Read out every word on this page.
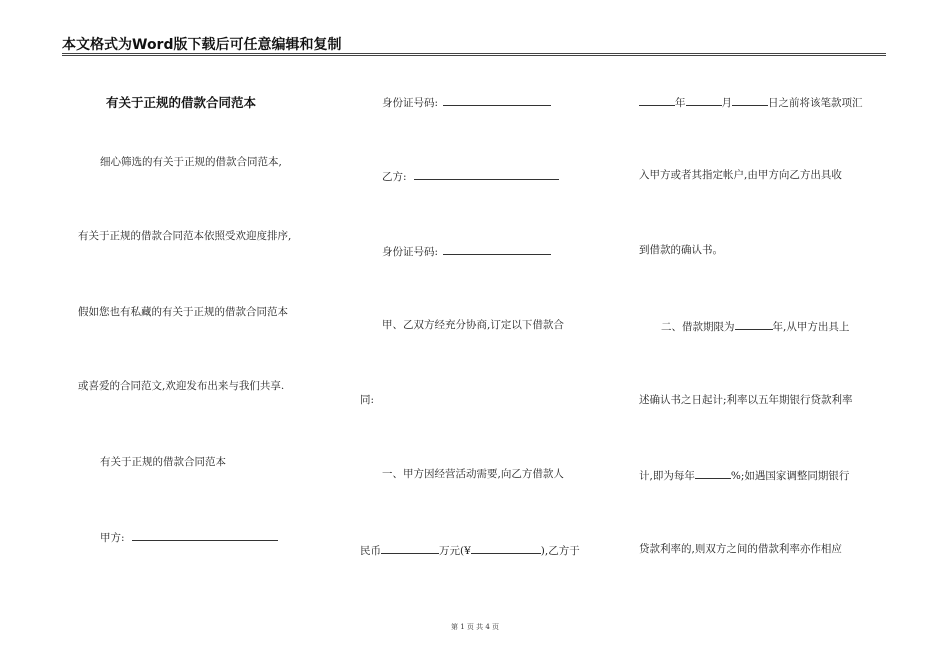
本文格式为Word版下载后可任意编辑和复制
有关于正规的借款合同范本
细心筛选的有关于正规的借款合同范本,
有关于正规的借款合同范本依照受欢迎度排序,
假如您也有私藏的有关于正规的借款合同范本
或喜爱的合同范文,欢迎发布出来与我们共享.
有关于正规的借款合同范本
甲方:
身份证号码:
乙方:
身份证号码:
甲、乙双方经充分协商,订定以下借款合
同:
一、甲方因经营活动需要,向乙方借款人
民币	万元(¥	),乙方于
年	月	日之前将该笔款项汇
入甲方或者其指定帐户,由甲方向乙方出具收
到借款的确认书。
二、借款期限为	年,从甲方出具上
述确认书之日起计;利率以五年期银行贷款利率
计,即为每年	%;如遇国家调整同期银行
贷款利率的,则双方之间的借款利率亦作相应
第 1 页 共 4 页
